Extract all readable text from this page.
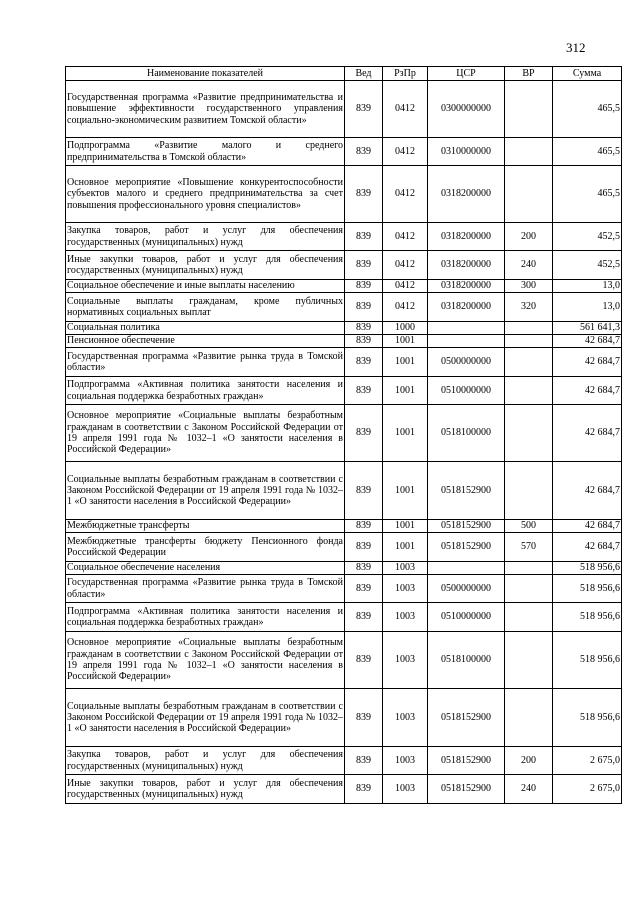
312
Наименование показателей	Вед	РзПр	ЦСР	ВР	Сумма
Государственная программа «Развитие предпринимательства и повышение эффективности государственного управления социально-экономическим развитием Томской области»	839	0412	0300000000		465,5
Подпрограмма «Развитие малого и среднего предпринимательства в Томской области»	839	0412	0310000000		465,5
Основное мероприятие «Повышение конкурентоспособности субъектов малого и среднего предпринимательства за счет повышения профессионального уровня специалистов»	839	0412	0318200000		465,5
Закупка товаров, работ и услуг для обеспечения государственных (муниципальных) нужд	839	0412	0318200000	200	452,5
Иные закупки товаров, работ и услуг для обеспечения государственных (муниципальных) нужд	839	0412	0318200000	240	452,5
Социальное обеспечение и иные выплаты населению	839	0412	0318200000	300	13,0
Социальные выплаты гражданам, кроме публичных нормативных социальных выплат	839	0412	0318200000	320	13,0
Социальная политика	839	1000			561 641,3
Пенсионное обеспечение	839	1001			42 684,7
Государственная программа «Развитие рынка труда в Томской области»	839	1001	0500000000		42 684,7
Подпрограмма «Активная политика занятости населения и социальная поддержка безработных граждан»	839	1001	0510000000		42 684,7
Основное мероприятие «Социальные выплаты безработным гражданам в соответствии с Законом Российской Федерации от 19 апреля 1991 года № 1032–1 «О занятости населения в Российской Федерации»	839	1001	0518100000		42 684,7
Социальные выплаты безработным гражданам в соответствии с Законом Российской Федерации от 19 апреля 1991 года № 1032–1 «О занятости населения в Российской Федерации»	839	1001	0518152900		42 684,7
Межбюджетные трансферты	839	1001	0518152900	500	42 684,7
Межбюджетные трансферты бюджету Пенсионного фонда Российской Федерации	839	1001	0518152900	570	42 684,7
Социальное обеспечение населения	839	1003			518 956,6
Государственная программа «Развитие рынка труда в Томской области»	839	1003	0500000000		518 956,6
Подпрограмма «Активная политика занятости населения и социальная поддержка безработных граждан»	839	1003	0510000000		518 956,6
Основное мероприятие «Социальные выплаты безработным гражданам в соответствии с Законом Российской Федерации от 19 апреля 1991 года № 1032–1 «О занятости населения в Российской Федерации»	839	1003	0518100000		518 956,6
Социальные выплаты безработным гражданам в соответствии с Законом Российской Федерации от 19 апреля 1991 года № 1032–1 «О занятости населения в Российской Федерации»	839	1003	0518152900		518 956,6
Закупка товаров, работ и услуг для обеспечения государственных (муниципальных) нужд	839	1003	0518152900	200	2 675,0
Иные закупки товаров, работ и услуг для обеспечения государственных (муниципальных) нужд	839	1003	0518152900	240	2 675,0
